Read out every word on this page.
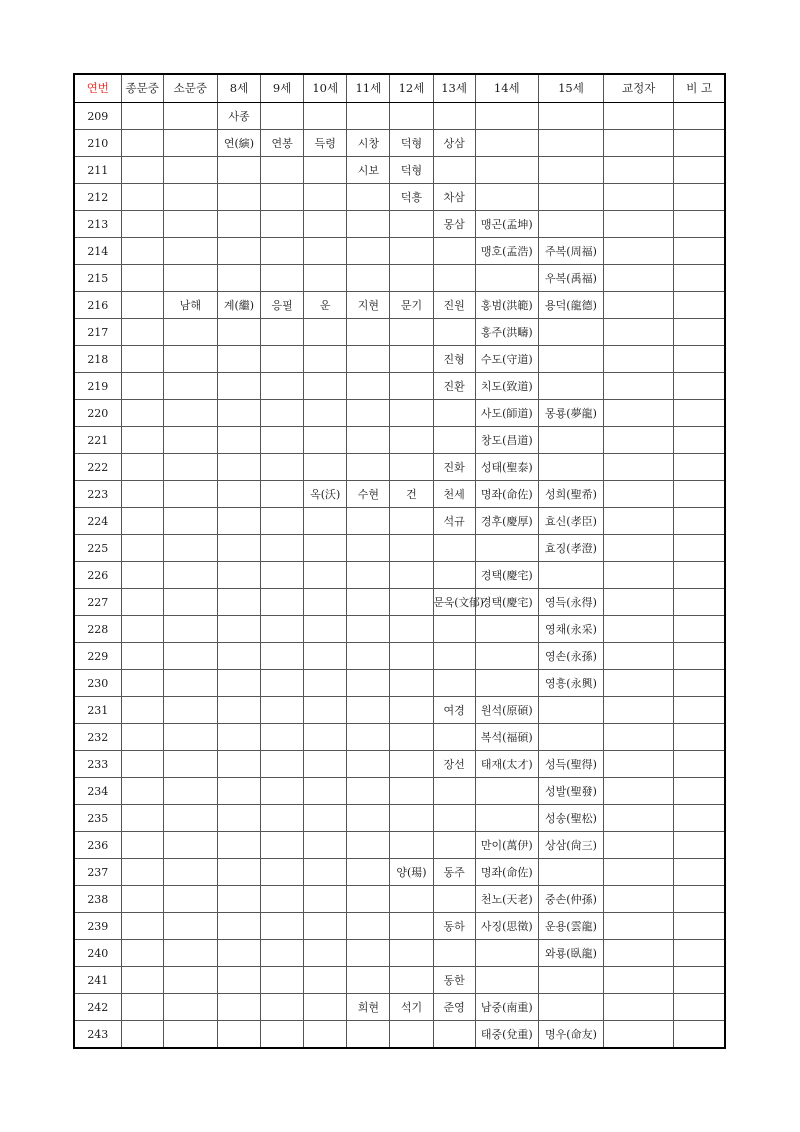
연번	종문중	소문중	8세	9세	10세	11세	12세	13세	14세	15세	교정자	비 고
209			사종									
210			연(縯)	연봉	득령	시창	덕형	상삼				
211						시보	덕형					
212							덕흥	차삼				
213								몽삼	맹곤(孟坤)			
214									맹호(孟浩)	주복(周福)		
215										우복(禹福)		
216		남해	계(繼)	응필	운	지현	문기	진원	홍범(洪範)	용덕(龍德)		
217									홍주(洪疇)			
218								진형	수도(守道)			
219								진환	치도(致道)			
220									사도(師道)	몽룡(夢龍)		
221									창도(昌道)			
222								진화	성태(聖泰)			
223					옥(沃)	수현	건	천세	명좌(命佐)	성희(聖希)		
224								석규	경후(慶厚)	효신(孝臣)		
225										효징(孝澄)		
226									경택(慶宅)			
227								문욱(文郁)	경택(慶宅)	영득(永得)		
228										영채(永采)		
229										영손(永孫)		
230										영흥(永興)		
231								여경	원석(原碩)			
232									복석(福碩)			
233								장선	태재(太才)	성득(聖得)		
234										성발(聖發)		
235										성송(聖松)		
236									만이(萬伊)	상삼(尙三)		
237							양(瑒)	동주	명좌(命佐)			
238									천노(天老)	중손(仲孫)		
239								동하	사징(思徵)	운용(雲龍)		
240										와룡(臥龍)		
241								동한				
242						희현	석기	준영	남중(南重)			
243									태중(兌重)	명우(命友)		
